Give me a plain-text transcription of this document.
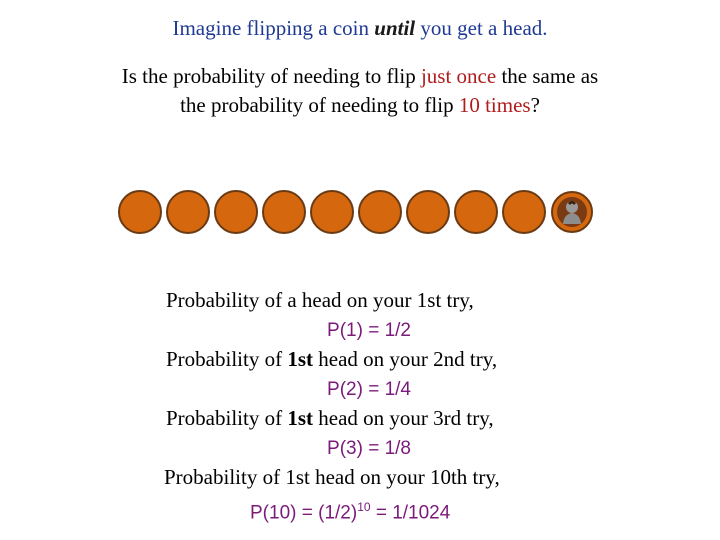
Imagine flipping a coin until you get a head.
Is the probability of needing to flip just once the same as the probability of needing to flip 10 times?
Probability of a head on your 1st try,
P(1) = 1/2
Probability of 1st head on your 2nd try,
P(2) = 1/4
Probability of 1st head on your 3rd try,
P(3) = 1/8
Probability of 1st head on your 10th try,
$P(10) = (1/2)^{10} = 1/1024$
